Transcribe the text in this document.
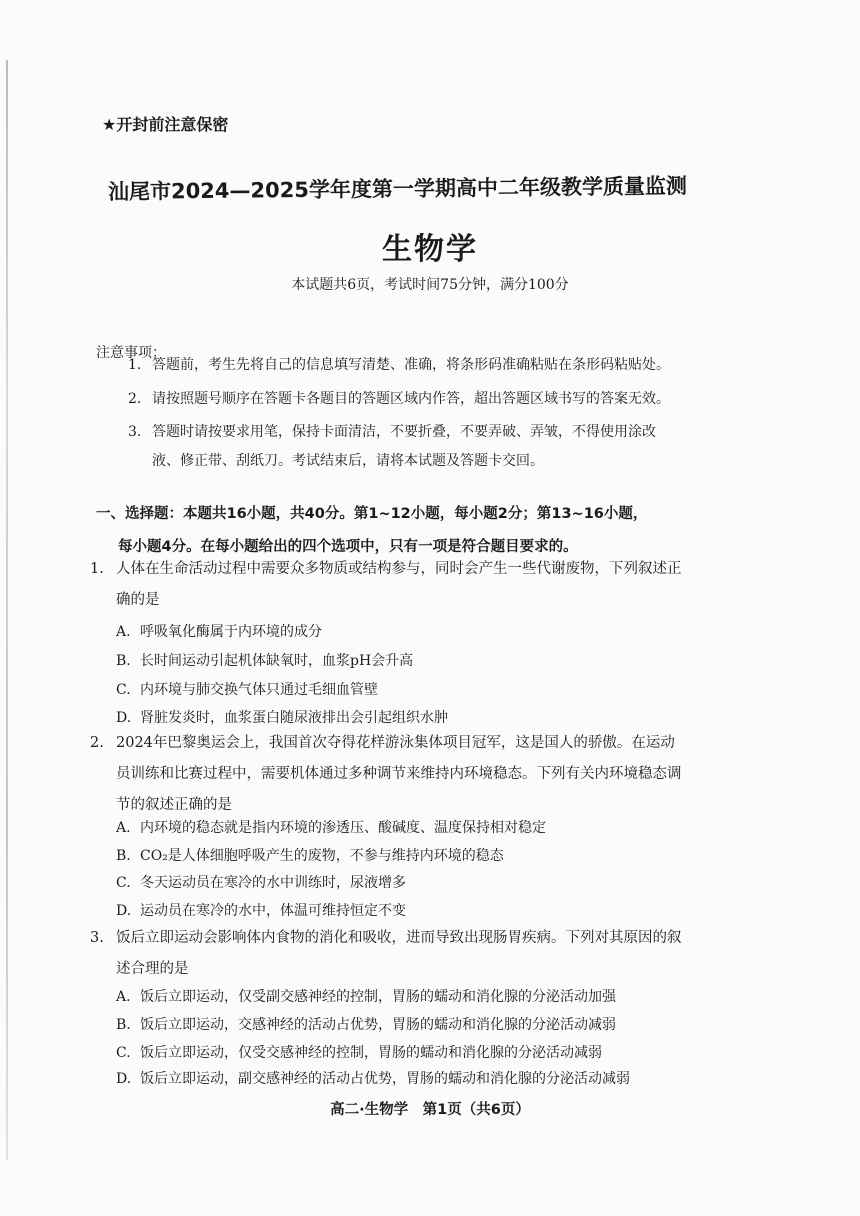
★开封前注意保密
汕尾市2024—2025学年度第一学期高中二年级教学质量监测
生物学
本试题共6页，考试时间75分钟，满分100分
注意事项：
1. 答题前，考生先将自己的信息填写清楚、准确，将条形码准确粘贴在条形码粘贴处。
2. 请按照题号顺序在答题卡各题目的答题区域内作答，超出答题区域书写的答案无效。
3. 答题时请按要求用笔，保持卡面清洁，不要折叠，不要弄破、弄皱，不得使用涂改
液、修正带、刮纸刀。考试结束后，请将本试题及答题卡交回。
一、选择题：本题共16小题，共40分。第1~12小题，每小题2分；第13~16小题，
每小题4分。在每小题给出的四个选项中，只有一项是符合题目要求的。
1. 人体在生命活动过程中需要众多物质或结构参与，同时会产生一些代谢废物，下列叙述正
确的是
A. 呼吸氧化酶属于内环境的成分
B. 长时间运动引起机体缺氧时，血浆pH会升高
C. 内环境与肺交换气体只通过毛细血管壁
D. 肾脏发炎时，血浆蛋白随尿液排出会引起组织水肿
2. 2024年巴黎奥运会上，我国首次夺得花样游泳集体项目冠军，这是国人的骄傲。在运动
员训练和比赛过程中，需要机体通过多种调节来维持内环境稳态。下列有关内环境稳态调
节的叙述正确的是
A. 内环境的稳态就是指内环境的渗透压、酸碱度、温度保持相对稳定
B. CO₂是人体细胞呼吸产生的废物，不参与维持内环境的稳态
C. 冬天运动员在寒冷的水中训练时，尿液增多
D. 运动员在寒冷的水中，体温可维持恒定不变
3. 饭后立即运动会影响体内食物的消化和吸收，进而导致出现肠胃疾病。下列对其原因的叙
述合理的是
A. 饭后立即运动，仅受副交感神经的控制，胃肠的蠕动和消化腺的分泌活动加强
B. 饭后立即运动，交感神经的活动占优势，胃肠的蠕动和消化腺的分泌活动减弱
C. 饭后立即运动，仅受交感神经的控制，胃肠的蠕动和消化腺的分泌活动减弱
D. 饭后立即运动，副交感神经的活动占优势，胃肠的蠕动和消化腺的分泌活动减弱
高二·生物学　第1页（共6页）
